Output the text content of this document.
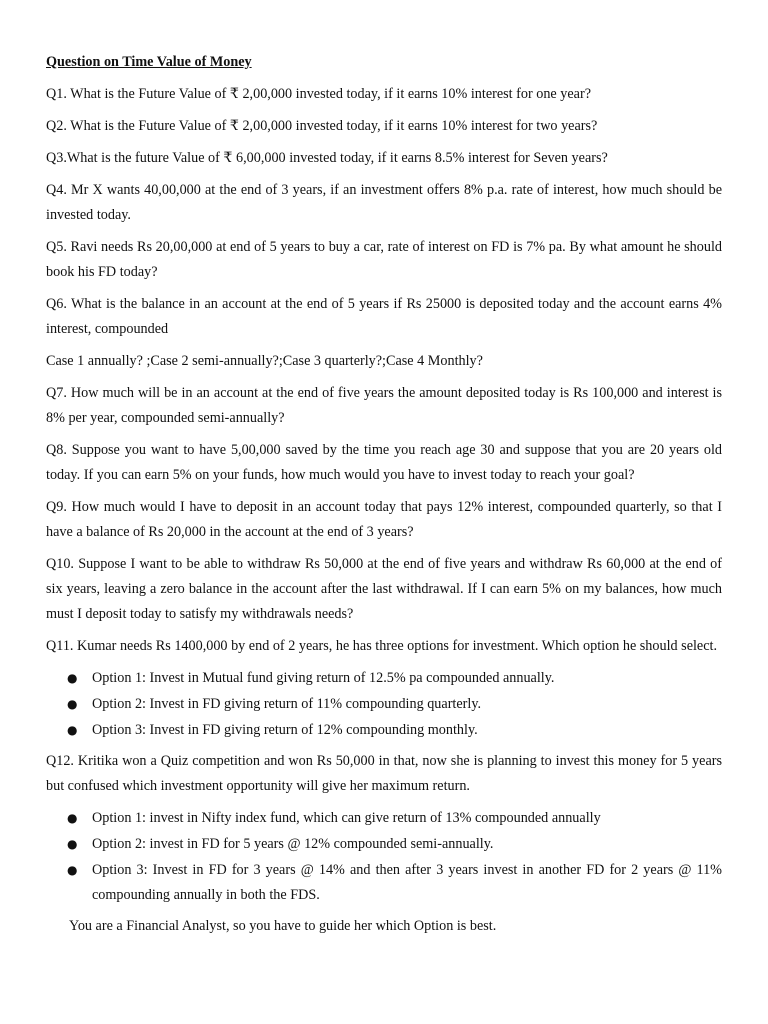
Question on Time Value of Money

Q1. What is the Future Value of ₹ 2,00,000 invested today, if it earns 10% interest for one year?

Q2. What is the Future Value of ₹ 2,00,000 invested today, if it earns 10% interest for two years?

Q3.What is the future Value of ₹ 6,00,000 invested today, if it earns 8.5% interest for Seven years?

Q4. Mr X wants 40,00,000 at the end of 3 years, if an investment offers 8% p.a. rate of interest, how much should be invested today.

Q5. Ravi needs Rs 20,00,000 at end of 5 years to buy a car, rate of interest on FD is 7% pa. By what amount he should book his FD today?

Q6. What is the balance in an account at the end of 5 years if Rs 25000 is deposited today and the account earns 4% interest, compounded

Case 1 annually? ;Case 2 semi-annually?;Case 3 quarterly?;Case 4 Monthly?

Q7. How much will be in an account at the end of five years the amount deposited today is Rs 100,000 and interest is 8% per year, compounded semi-annually?

Q8. Suppose you want to have 5,00,000 saved by the time you reach age 30 and suppose that you are 20 years old today. If you can earn 5% on your funds, how much would you have to invest today to reach your goal?

Q9. How much would I have to deposit in an account today that pays 12% interest, compounded quarterly, so that I have a balance of Rs 20,000 in the account at the end of 3 years?

Q10. Suppose I want to be able to withdraw Rs 50,000 at the end of five years and withdraw Rs 60,000 at the end of six years, leaving a zero balance in the account after the last withdrawal. If I can earn 5% on my balances, how much must I deposit today to satisfy my withdrawals needs?

Q11. Kumar needs Rs 1400,000 by end of 2 years, he has three options for investment. Which option he should select.

● Option 1: Invest in Mutual fund giving return of 12.5% pa compounded annually.
● Option 2: Invest in FD giving return of 11% compounding quarterly.
● Option 3: Invest in FD giving return of 12% compounding monthly.

Q12. Kritika won a Quiz competition and won Rs 50,000 in that, now she is planning to invest this money for 5 years but confused which investment opportunity will give her maximum return.

● Option 1: invest in Nifty index fund, which can give return of 13% compounded annually
● Option 2: invest in FD for 5 years @ 12% compounded semi-annually.
● Option 3: Invest in FD for 3 years @ 14% and then after 3 years invest in another FD for 2 years @ 11% compounding annually in both the FDS.

You are a Financial Analyst, so you have to guide her which Option is best.
